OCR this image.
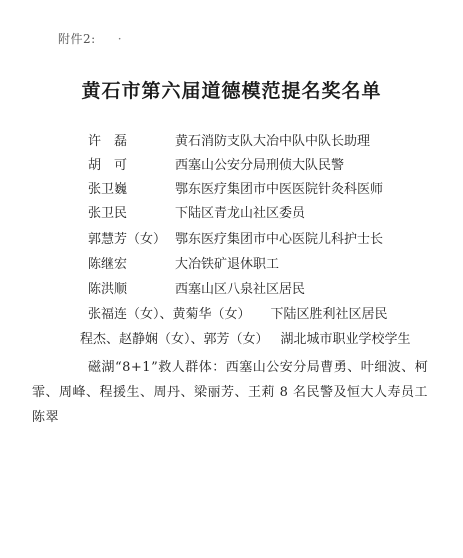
附件2: ·
黄石市第六届道德模范提名奖名单
许　磊	黄石消防支队大冶中队中队长助理
胡　可	西塞山公安分局刑侦大队民警
张卫巍	鄂东医疗集团市中医医院针灸科医师
张卫民	下陆区青龙山社区委员
郭慧芳（女） 鄂东医疗集团市中心医院儿科护士长
陈继宏	大冶铁矿退休职工
陈洪顺	西塞山区八泉社区居民
张福连（女）、黄菊华（女） 下陆区胜利社区居民
程杰、赵静娴（女）、郭芳（女） 湖北城市职业学校学生
磁湖“8+1”救人群体：西塞山公安分局曹勇、叶细波、柯霏、周峰、程援生、周丹、梁丽芳、王莉 8 名民警及恒大人寿员工陈翠
